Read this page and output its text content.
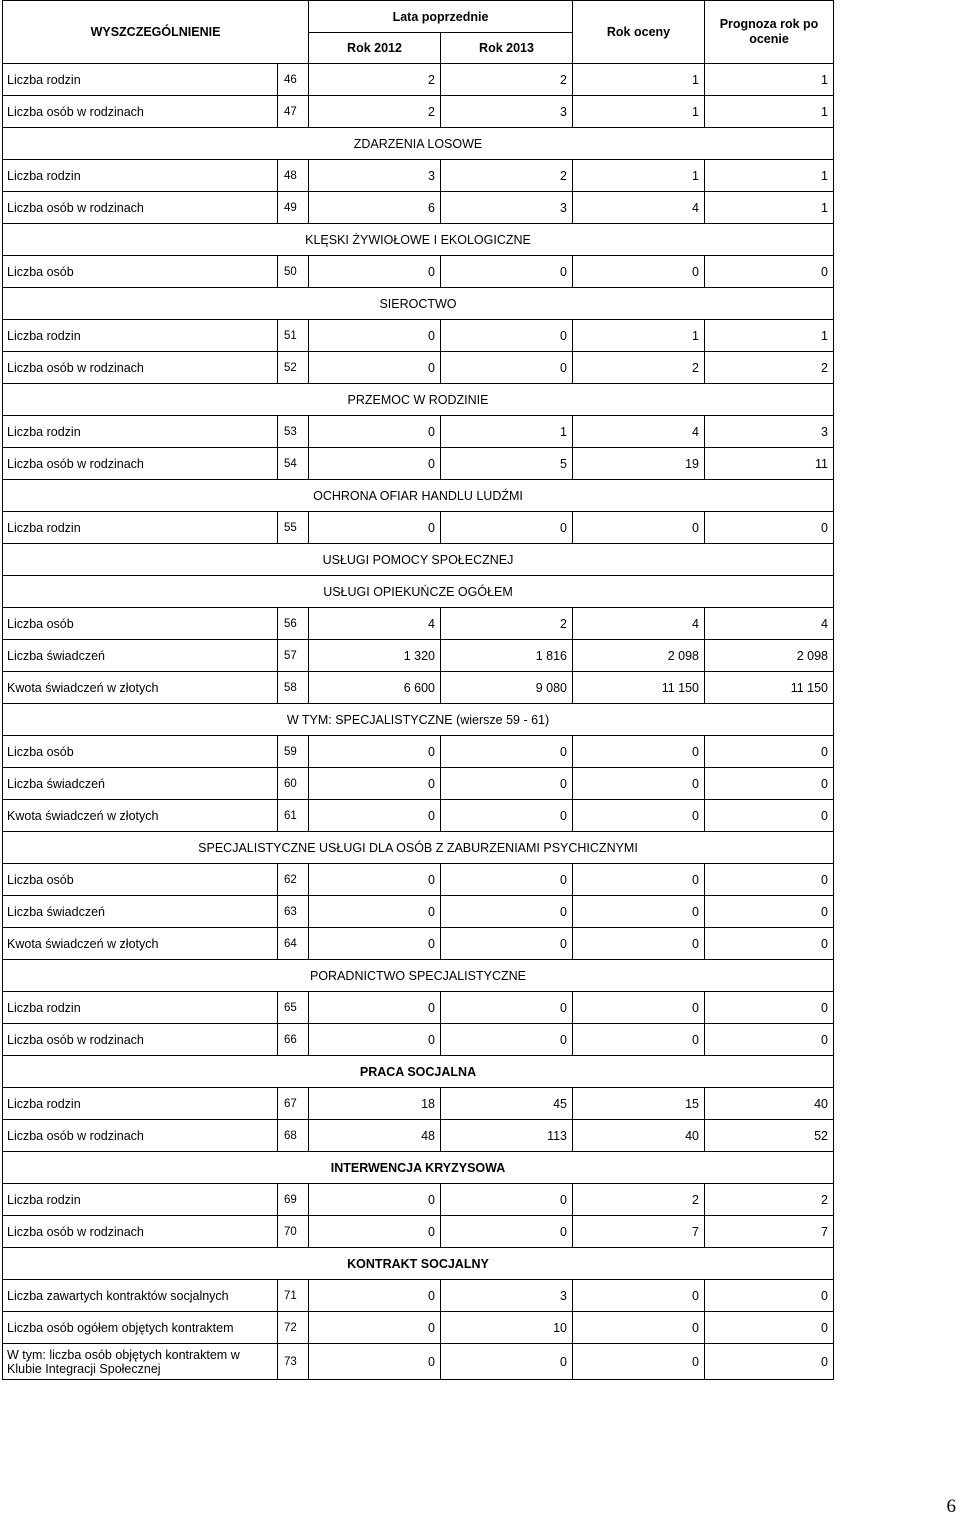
WYSZCZEGÓLNIENIE		Lata poprzednie		Rok oceny	Prognoza rok po ocenie
		Rok 2012	Rok 2013		
Liczba rodzin	46	2	2	1	1
Liczba osób w rodzinach	47	2	3	1	1
ZDARZENIA LOSOWE					
Liczba rodzin	48	3	2	1	1
Liczba osób w rodzinach	49	6	3	4	1
KLĘSKI ŻYWIOŁOWE I EKOLOGICZNE					
Liczba osób	50	0	0	0	0
SIEROCTWO					
Liczba rodzin	51	0	0	1	1
Liczba osób w rodzinach	52	0	0	2	2
PRZEMOC W RODZINIE					
Liczba rodzin	53	0	1	4	3
Liczba osób w rodzinach	54	0	5	19	11
OCHRONA OFIAR HANDLU LUDŹMI					
Liczba rodzin	55	0	0	0	0
USŁUGI POMOCY SPOŁECZNEJ					
USŁUGI OPIEKUŃCZE OGÓŁEM					
Liczba osób	56	4	2	4	4
Liczba świadczeń	57	1 320	1 816	2 098	2 098
Kwota świadczeń w złotych	58	6 600	9 080	11 150	11 150
W TYM: SPECJALISTYCZNE (wiersze 59 - 61)					
Liczba osób	59	0	0	0	0
Liczba świadczeń	60	0	0	0	0
Kwota świadczeń w złotych	61	0	0	0	0
SPECJALISTYCZNE USŁUGI DLA OSÓB Z ZABURZENIAMI PSYCHICZNYMI					
Liczba osób	62	0	0	0	0
Liczba świadczeń	63	0	0	0	0
Kwota świadczeń w złotych	64	0	0	0	0
PORADNICTWO SPECJALISTYCZNE					
Liczba rodzin	65	0	0	0	0
Liczba osób w rodzinach	66	0	0	0	0
PRACA SOCJALNA					
Liczba rodzin	67	18	45	15	40
Liczba osób w rodzinach	68	48	113	40	52
INTERWENCJA KRYZYSOWA					
Liczba rodzin	69	0	0	2	2
Liczba osób w rodzinach	70	0	0	7	7
KONTRAKT SOCJALNY					
Liczba zawartych kontraktów socjalnych	71	0	3	0	0
Liczba osób ogółem objętych kontraktem	72	0	10	0	0
W tym: liczba osób objętych kontraktem w Klubie Integracji Społecznej	73	0	0	0	0
6
